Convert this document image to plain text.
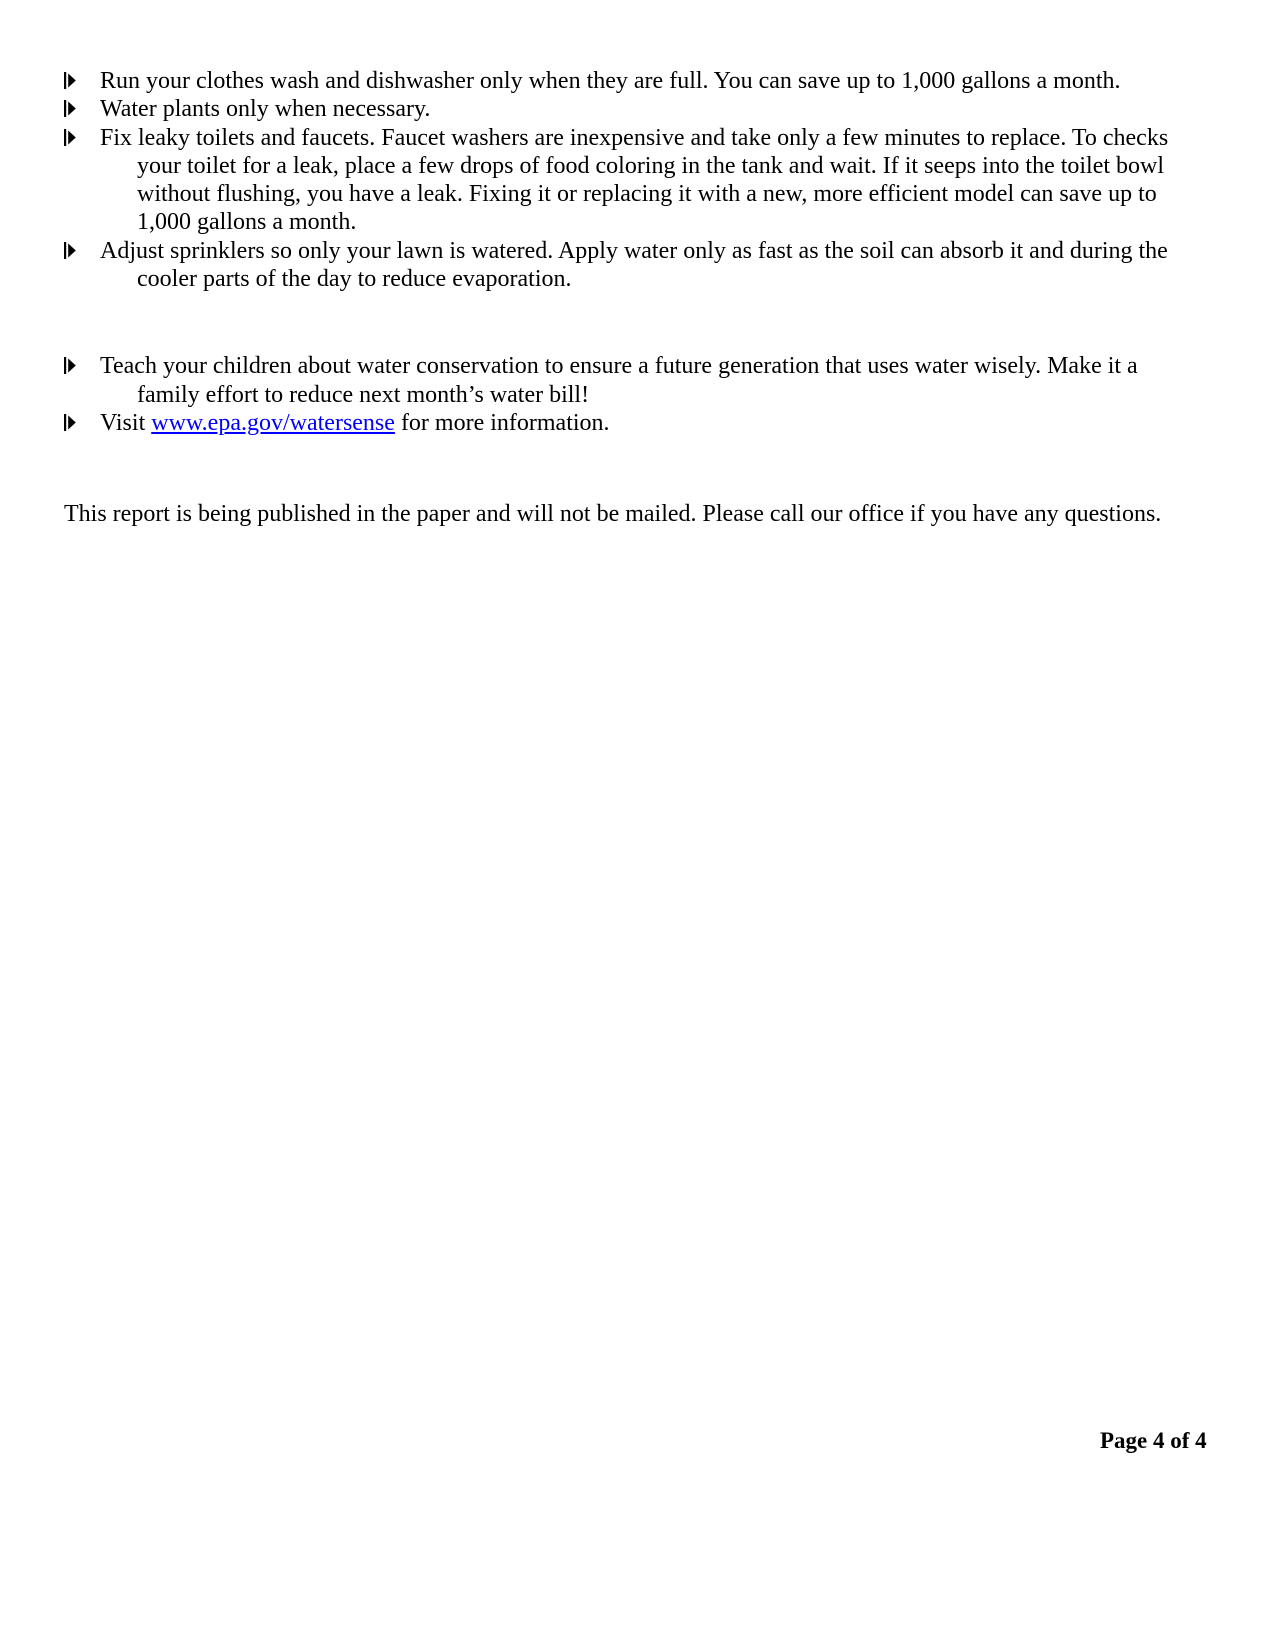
Run your clothes wash and dishwasher only when they are full. You can save up to 1,000 gallons a month.
Water plants only when necessary.
Fix leaky toilets and faucets. Faucet washers are inexpensive and take only a few minutes to replace. To checks your toilet for a leak, place a few drops of food coloring in the tank and wait. If it seeps into the toilet bowl without flushing, you have a leak. Fixing it or replacing it with a new, more efficient model can save up to 1,000 gallons a month.
Adjust sprinklers so only your lawn is watered. Apply water only as fast as the soil can absorb it and during the cooler parts of the day to reduce evaporation.
Teach your children about water conservation to ensure a future generation that uses water wisely. Make it a family effort to reduce next month’s water bill!
Visit www.epa.gov/watersense for more information.

This report is being published in the paper and will not be mailed. Please call our office if you have any questions.

Page 4 of 4
